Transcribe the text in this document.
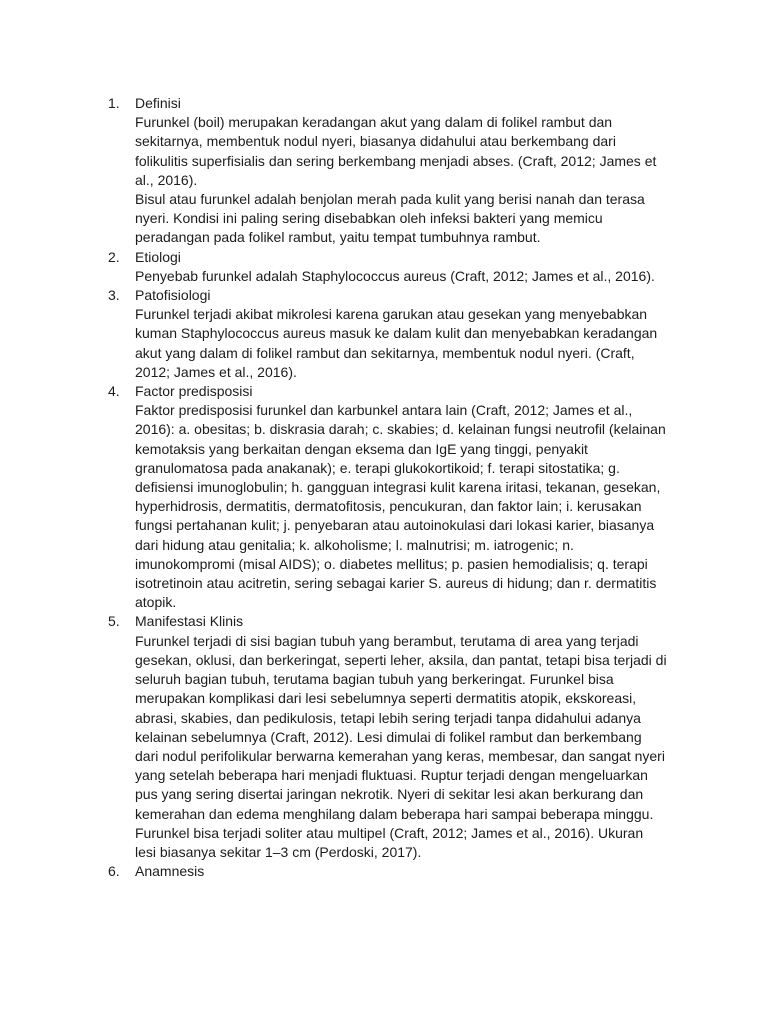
1. Definisi
Furunkel (boil) merupakan keradangan akut yang dalam di folikel rambut dan sekitarnya, membentuk nodul nyeri, biasanya didahului atau berkembang dari folikulitis superfisialis dan sering berkembang menjadi abses. (Craft, 2012; James et al., 2016).
Bisul atau furunkel adalah benjolan merah pada kulit yang berisi nanah dan terasa nyeri. Kondisi ini paling sering disebabkan oleh infeksi bakteri yang memicu peradangan pada folikel rambut, yaitu tempat tumbuhnya rambut.
2. Etiologi
Penyebab furunkel adalah Staphylococcus aureus (Craft, 2012; James et al., 2016).
3. Patofisiologi
Furunkel terjadi akibat mikrolesi karena garukan atau gesekan yang menyebabkan kuman Staphylococcus aureus masuk ke dalam kulit dan menyebabkan keradangan akut yang dalam di folikel rambut dan sekitarnya, membentuk nodul nyeri. (Craft, 2012; James et al., 2016).
4. Factor predisposisi
Faktor predisposisi furunkel dan karbunkel antara lain (Craft, 2012; James et al., 2016): a. obesitas; b. diskrasia darah; c. skabies; d. kelainan fungsi neutrofil (kelainan kemotaksis yang berkaitan dengan eksema dan IgE yang tinggi, penyakit granulomatosa pada anakanak); e. terapi glukokortikoid; f. terapi sitostatika; g. defisiensi imunoglobulin; h. gangguan integrasi kulit karena iritasi, tekanan, gesekan, hyperhidrosis, dermatitis, dermatofitosis, pencukuran, dan faktor lain; i. kerusakan fungsi pertahanan kulit; j. penyebaran atau autoinokulasi dari lokasi karier, biasanya dari hidung atau genitalia; k. alkoholisme; l. malnutrisi; m. iatrogenic; n. imunokompromi (misal AIDS); o. diabetes mellitus; p. pasien hemodialisis; q. terapi isotretinoin atau acitretin, sering sebagai karier S. aureus di hidung; dan r. dermatitis atopik.
5. Manifestasi Klinis
Furunkel terjadi di sisi bagian tubuh yang berambut, terutama di area yang terjadi gesekan, oklusi, dan berkeringat, seperti leher, aksila, dan pantat, tetapi bisa terjadi di seluruh bagian tubuh, terutama bagian tubuh yang berkeringat. Furunkel bisa merupakan komplikasi dari lesi sebelumnya seperti dermatitis atopik, ekskoreasi, abrasi, skabies, dan pedikulosis, tetapi lebih sering terjadi tanpa didahului adanya kelainan sebelumnya (Craft, 2012). Lesi dimulai di folikel rambut dan berkembang dari nodul perifolikular berwarna kemerahan yang keras, membesar, dan sangat nyeri yang setelah beberapa hari menjadi fluktuasi. Ruptur terjadi dengan mengeluarkan pus yang sering disertai jaringan nekrotik. Nyeri di sekitar lesi akan berkurang dan kemerahan dan edema menghilang dalam beberapa hari sampai beberapa minggu. Furunkel bisa terjadi soliter atau multipel (Craft, 2012; James et al., 2016). Ukuran lesi biasanya sekitar 1–3 cm (Perdoski, 2017).
6. Anamnesis
